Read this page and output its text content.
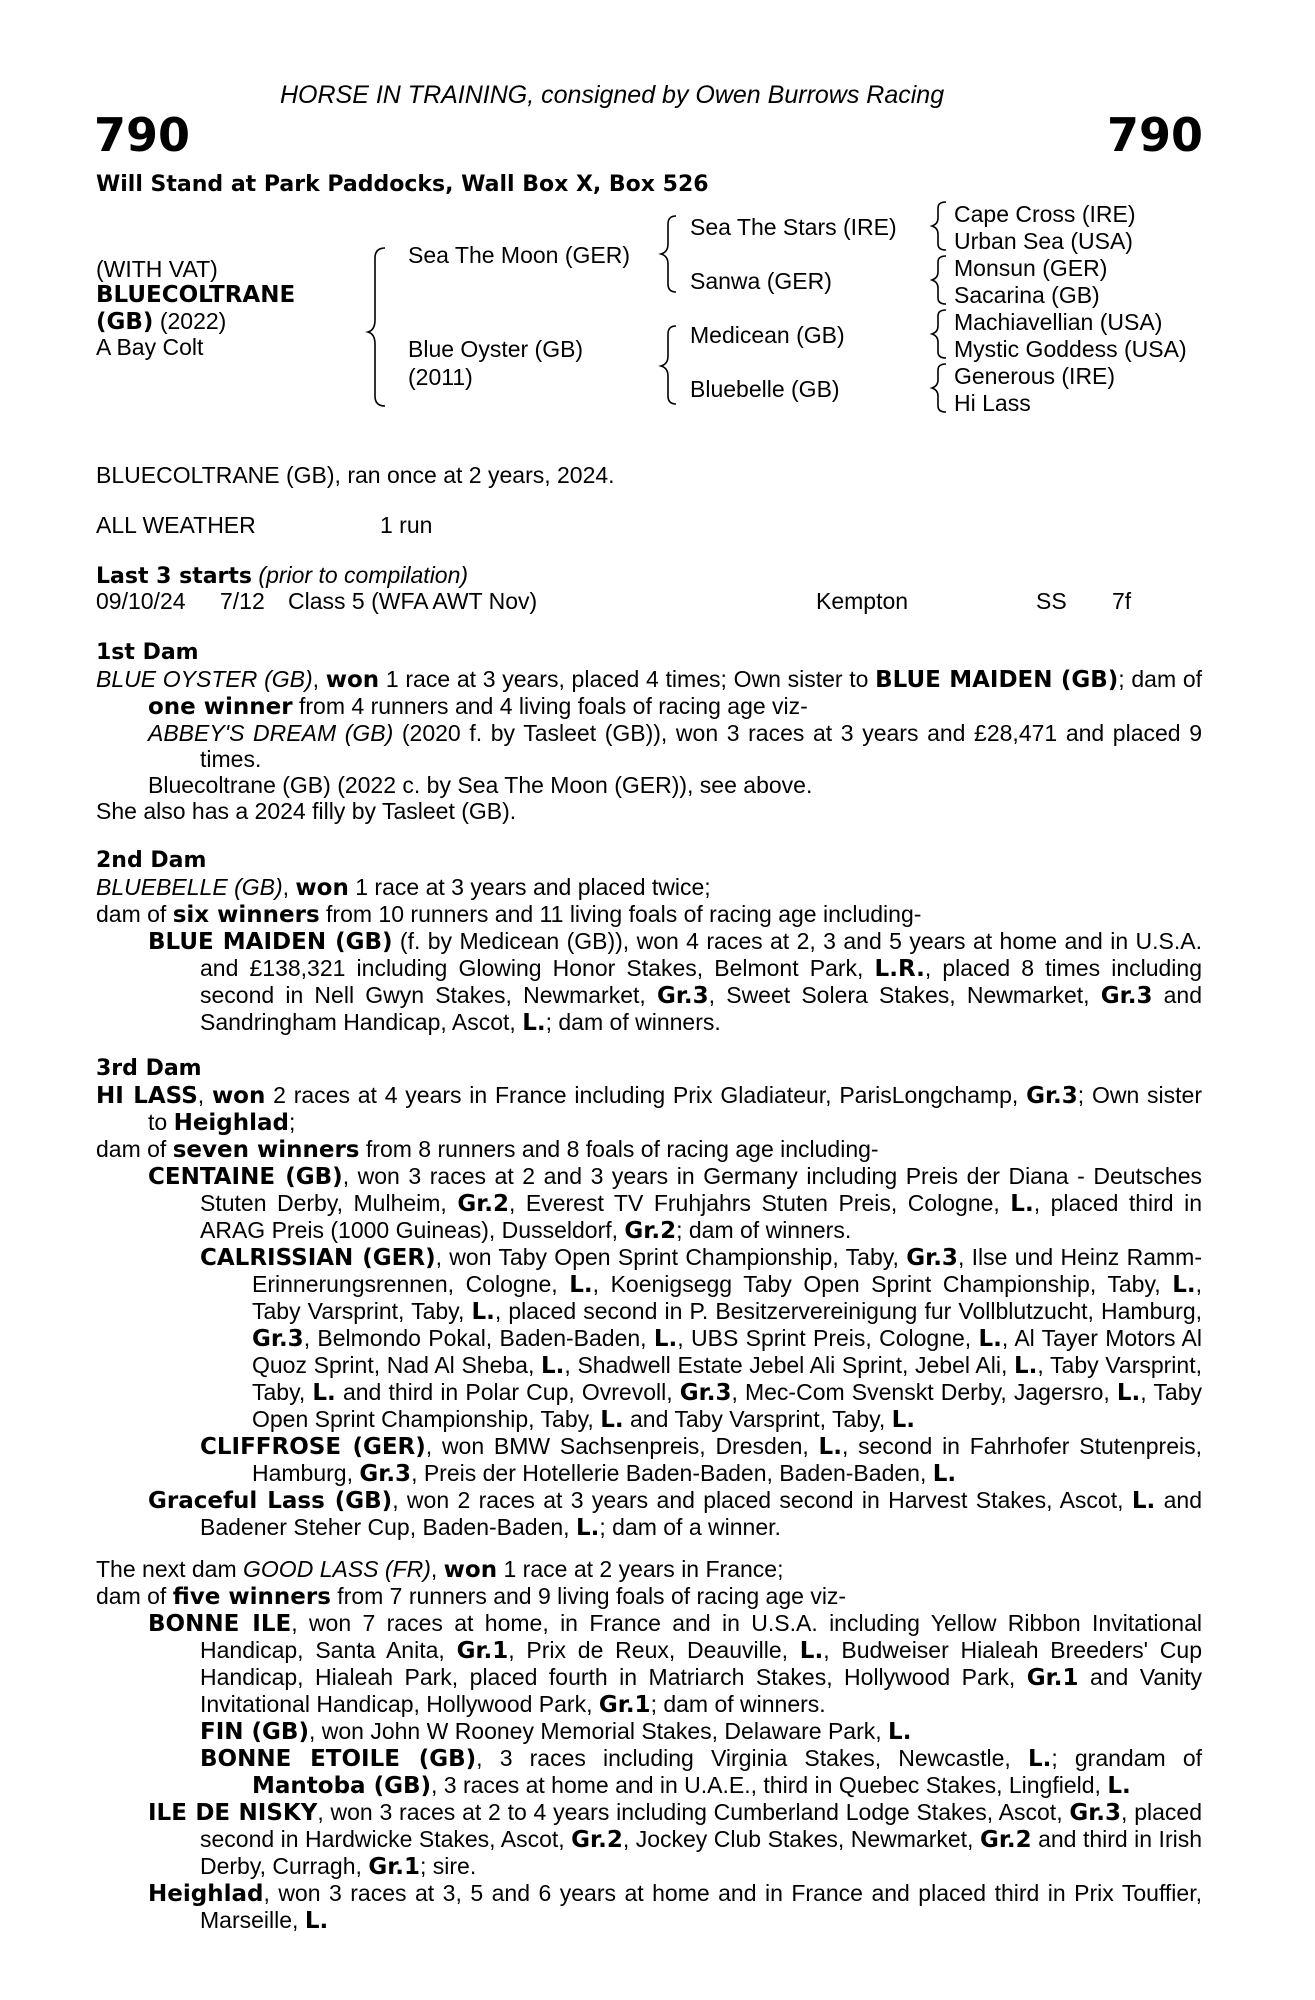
HORSE IN TRAINING, consigned by Owen Burrows Racing
790	790
Will Stand at Park Paddocks, Wall Box X, Box 526
(WITH VAT)
BLUECOLTRANE
(GB) (2022)
A Bay Colt
Sea The Moon (GER)
Blue Oyster (GB)
(2011)
Sea The Stars (IRE)
Sanwa (GER)
Medicean (GB)
Bluebelle (GB)
Cape Cross (IRE)
Urban Sea (USA)
Monsun (GER)
Sacarina (GB)
Machiavellian (USA)
Mystic Goddess (USA)
Generous (IRE)
Hi Lass
BLUECOLTRANE (GB), ran once at 2 years, 2024.
ALL WEATHER	1 run
Last 3 starts (prior to compilation)
09/10/24 7/12 Class 5 (WFA AWT Nov)	Kempton	SS 7f
1st Dam
BLUE OYSTER (GB), won 1 race at 3 years, placed 4 times; Own sister to BLUE MAIDEN (GB); dam of one winner from 4 runners and 4 living foals of racing age viz-
ABBEY'S DREAM (GB) (2020 f. by Tasleet (GB)), won 3 races at 3 years and £28,471 and placed 9 times.
Bluecoltrane (GB) (2022 c. by Sea The Moon (GER)), see above.
She also has a 2024 filly by Tasleet (GB).
2nd Dam
BLUEBELLE (GB), won 1 race at 3 years and placed twice;
dam of six winners from 10 runners and 11 living foals of racing age including-
BLUE MAIDEN (GB) (f. by Medicean (GB)), won 4 races at 2, 3 and 5 years at home and in U.S.A. and £138,321 including Glowing Honor Stakes, Belmont Park, L.R., placed 8 times including second in Nell Gwyn Stakes, Newmarket, Gr.3, Sweet Solera Stakes, Newmarket, Gr.3 and Sandringham Handicap, Ascot, L.; dam of winners.
3rd Dam
HI LASS, won 2 races at 4 years in France including Prix Gladiateur, ParisLongchamp, Gr.3; Own sister to Heighlad;
dam of seven winners from 8 runners and 8 foals of racing age including-
CENTAINE (GB), won 3 races at 2 and 3 years in Germany including Preis der Diana - Deutsches Stuten Derby, Mulheim, Gr.2, Everest TV Fruhjahrs Stuten Preis, Cologne, L., placed third in ARAG Preis (1000 Guineas), Dusseldorf, Gr.2; dam of winners.
CALRISSIAN (GER), won Taby Open Sprint Championship, Taby, Gr.3, Ilse und Heinz Ramm-Erinnerungsrennen, Cologne, L., Koenigsegg Taby Open Sprint Championship, Taby, L., Taby Varsprint, Taby, L., placed second in P. Besitzervereinigung fur Vollblutzucht, Hamburg, Gr.3, Belmondo Pokal, Baden-Baden, L., UBS Sprint Preis, Cologne, L., Al Tayer Motors Al Quoz Sprint, Nad Al Sheba, L., Shadwell Estate Jebel Ali Sprint, Jebel Ali, L., Taby Varsprint, Taby, L. and third in Polar Cup, Ovrevoll, Gr.3, Mec-Com Svenskt Derby, Jagersro, L., Taby Open Sprint Championship, Taby, L. and Taby Varsprint, Taby, L.
CLIFFROSE (GER), won BMW Sachsenpreis, Dresden, L., second in Fahrhofer Stutenpreis, Hamburg, Gr.3, Preis der Hotellerie Baden-Baden, Baden-Baden, L.
Graceful Lass (GB), won 2 races at 3 years and placed second in Harvest Stakes, Ascot, L. and Badener Steher Cup, Baden-Baden, L.; dam of a winner.
The next dam GOOD LASS (FR), won 1 race at 2 years in France;
dam of five winners from 7 runners and 9 living foals of racing age viz-
BONNE ILE, won 7 races at home, in France and in U.S.A. including Yellow Ribbon Invitational Handicap, Santa Anita, Gr.1, Prix de Reux, Deauville, L., Budweiser Hialeah Breeders' Cup Handicap, Hialeah Park, placed fourth in Matriarch Stakes, Hollywood Park, Gr.1 and Vanity Invitational Handicap, Hollywood Park, Gr.1; dam of winners.
FIN (GB), won John W Rooney Memorial Stakes, Delaware Park, L.
BONNE ETOILE (GB), 3 races including Virginia Stakes, Newcastle, L.; grandam of Mantoba (GB), 3 races at home and in U.A.E., third in Quebec Stakes, Lingfield, L.
ILE DE NISKY, won 3 races at 2 to 4 years including Cumberland Lodge Stakes, Ascot, Gr.3, placed second in Hardwicke Stakes, Ascot, Gr.2, Jockey Club Stakes, Newmarket, Gr.2 and third in Irish Derby, Curragh, Gr.1; sire.
Heighlad, won 3 races at 3, 5 and 6 years at home and in France and placed third in Prix Touffier, Marseille, L.
